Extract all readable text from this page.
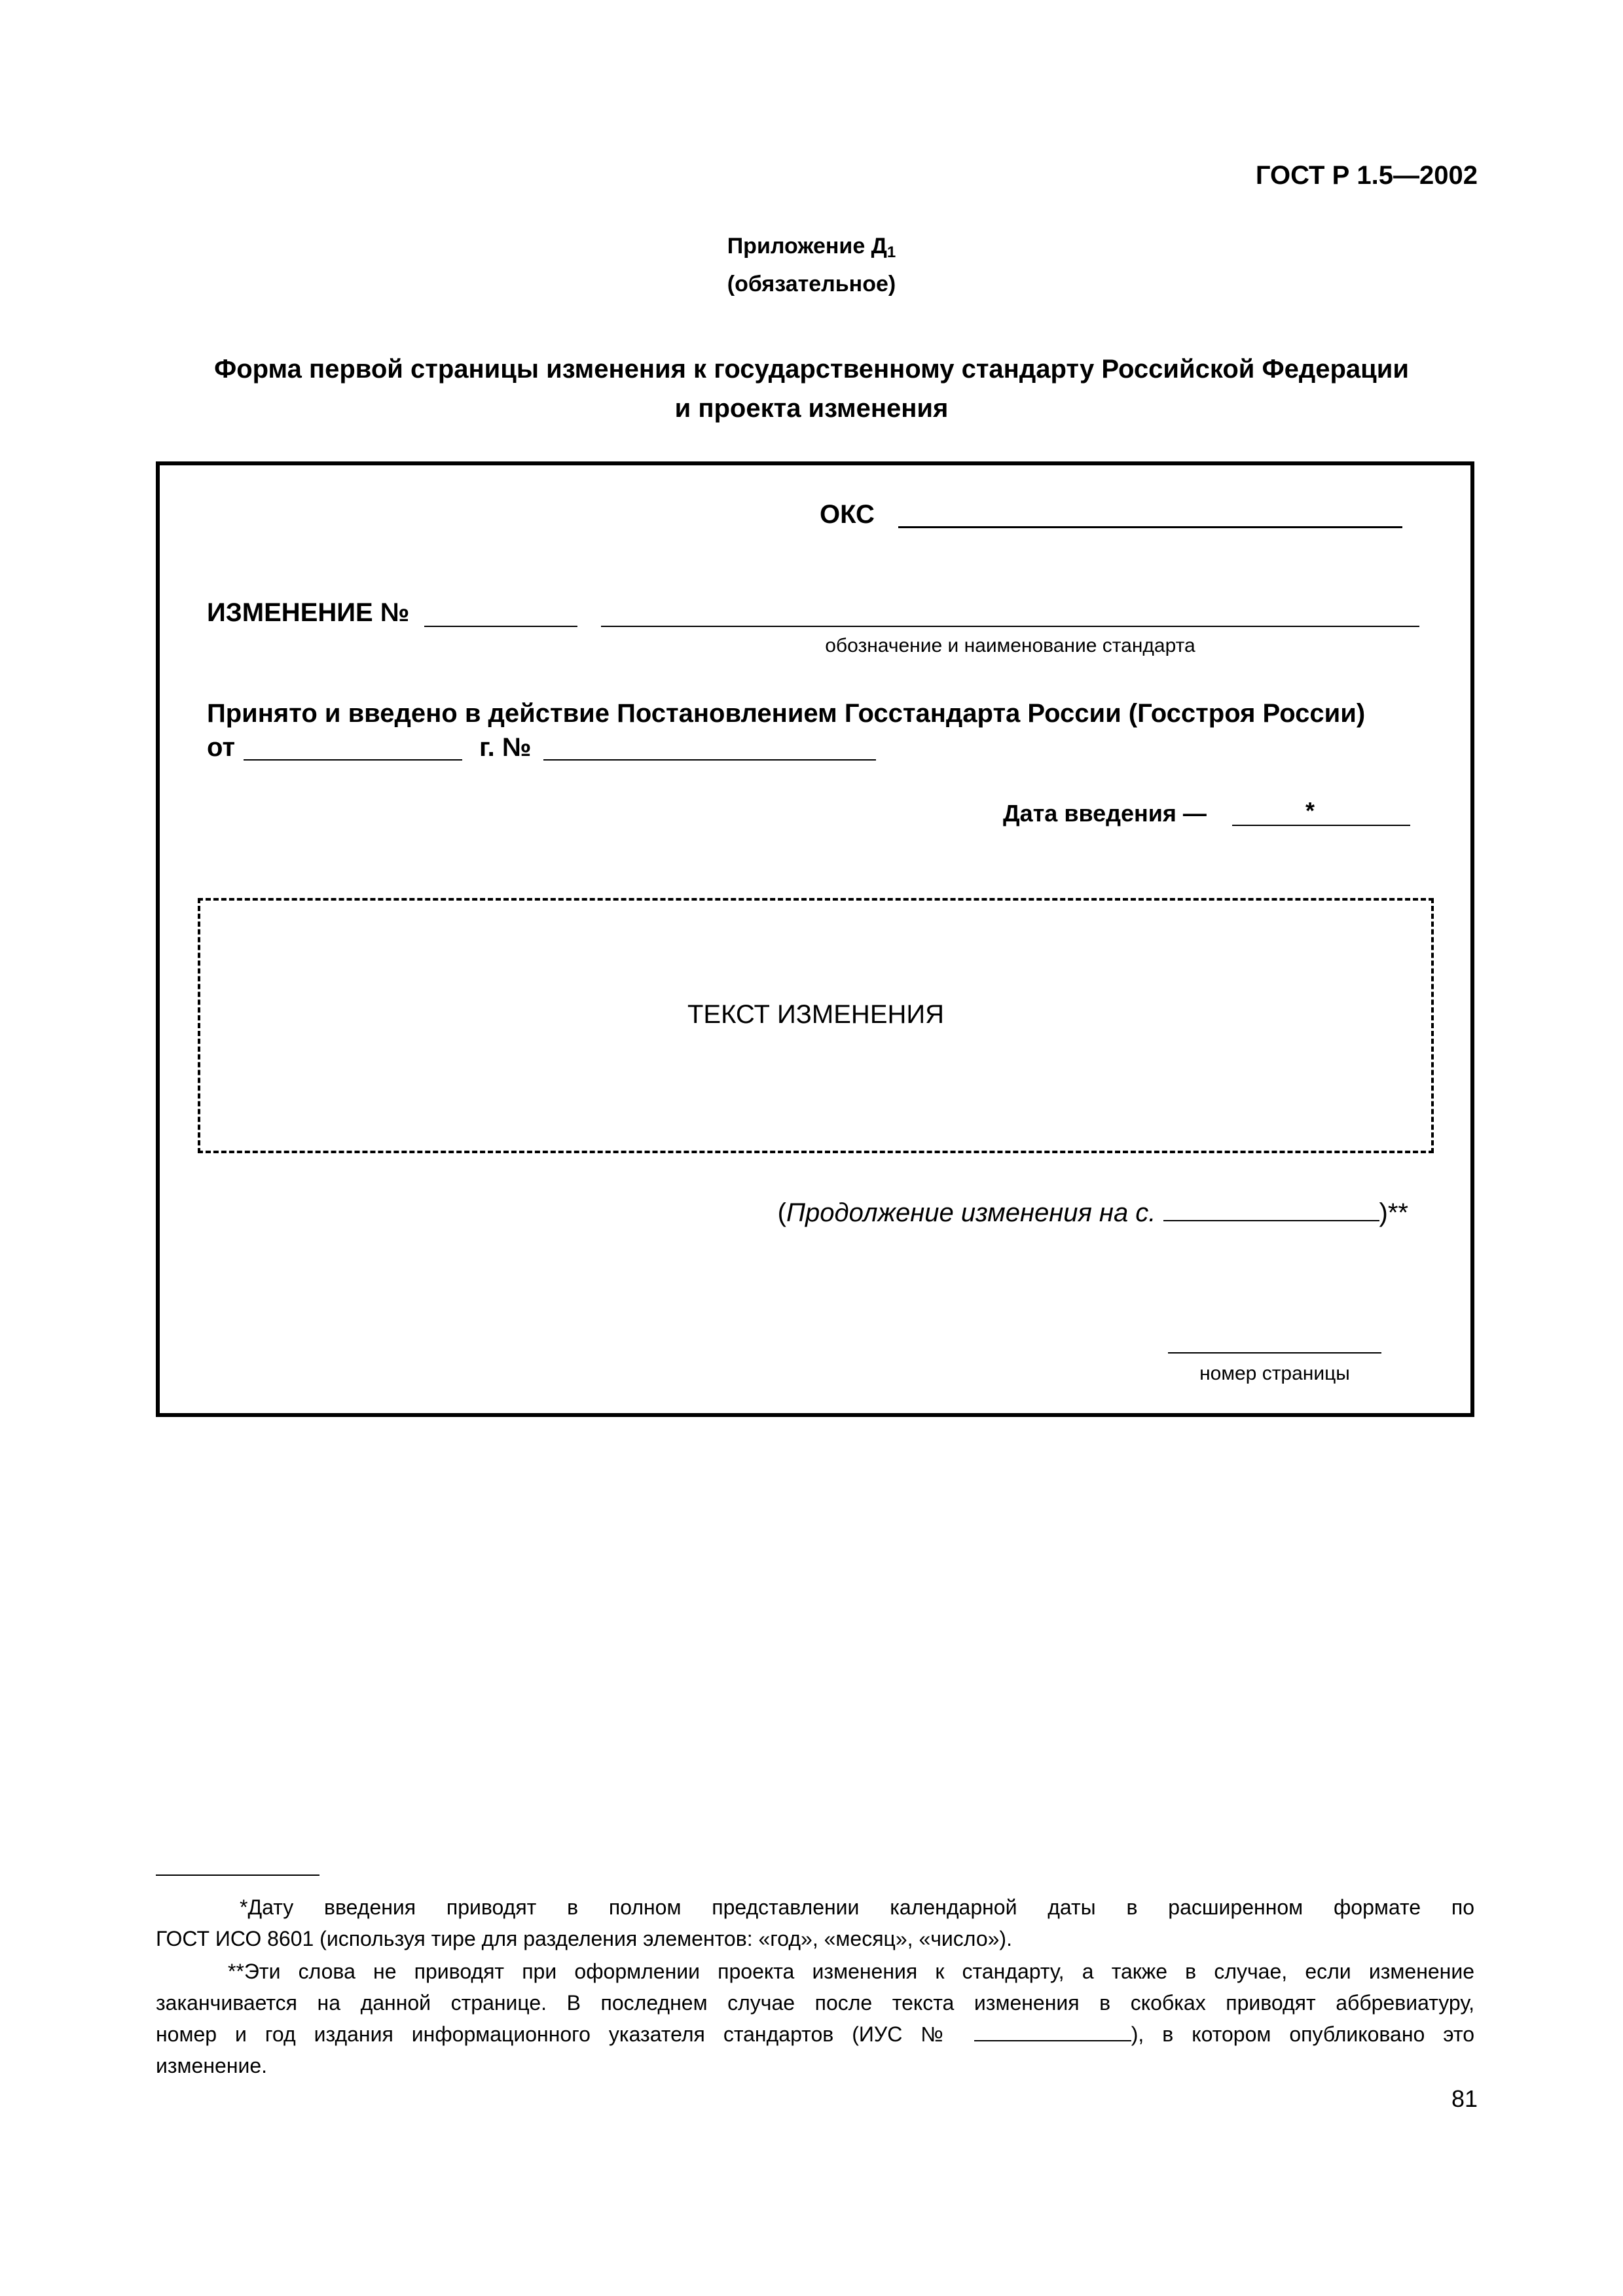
ГОСТ Р 1.5—2002
Приложение $Д_1$
(обязательное)
Форма первой страницы изменения к государственному стандарту Российской Федерации
и проекта изменения
ОКС
ИЗМЕНЕНИЕ №
обозначение и наименование стандарта
Принято и введено в действие Постановлением Госстандарта России (Госстроя России)
от	г. №
Дата введения —	*
ТЕКСТ ИЗМЕНЕНИЯ
(Продолжение изменения на с.	)**
номер страницы
*Дату введения приводят в полном представлении календарной даты в расширенном формате по
ГОСТ ИСО 8601 (используя тире для разделения элементов: «год», «месяц», «число»).
**Эти слова не приводят при оформлении проекта изменения к стандарту, а также в случае, если изменение
заканчивается на данной странице. В последнем случае после текста изменения в скобках приводят аббревиатуру,
номер и год издания информационного указателя стандартов (ИУС №	), в котором опубликовано это
изменение.
81
